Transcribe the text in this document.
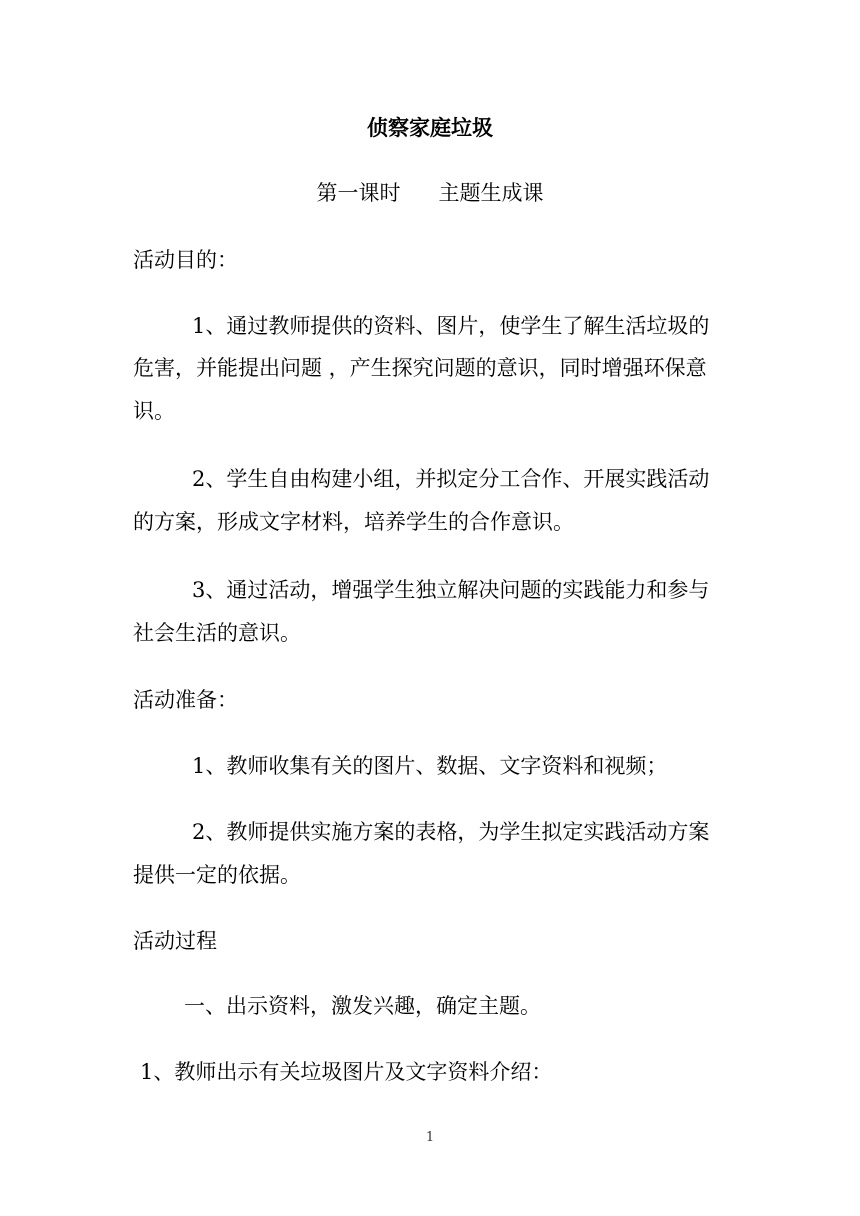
侦察家庭垃圾

第一课时 主题生成课

活动目的：

1、通过教师提供的资料、图片，使学生了解生活垃圾的

危害，并能提出问题 ，产生探究问题的意识，同时增强环保意

识。

2、学生自由构建小组，并拟定分工合作、开展实践活动

的方案，形成文字材料，培养学生的合作意识。

3、通过活动，增强学生独立解决问题的实践能力和参与

社会生活的意识。

活动准备：

1、教师收集有关的图片、数据、文字资料和视频；

2、教师提供实施方案的表格，为学生拟定实践活动方案

提供一定的依据。

活动过程

一、出示资料，激发兴趣，确定主题。

1、教师出示有关垃圾图片及文字资料介绍：

1
